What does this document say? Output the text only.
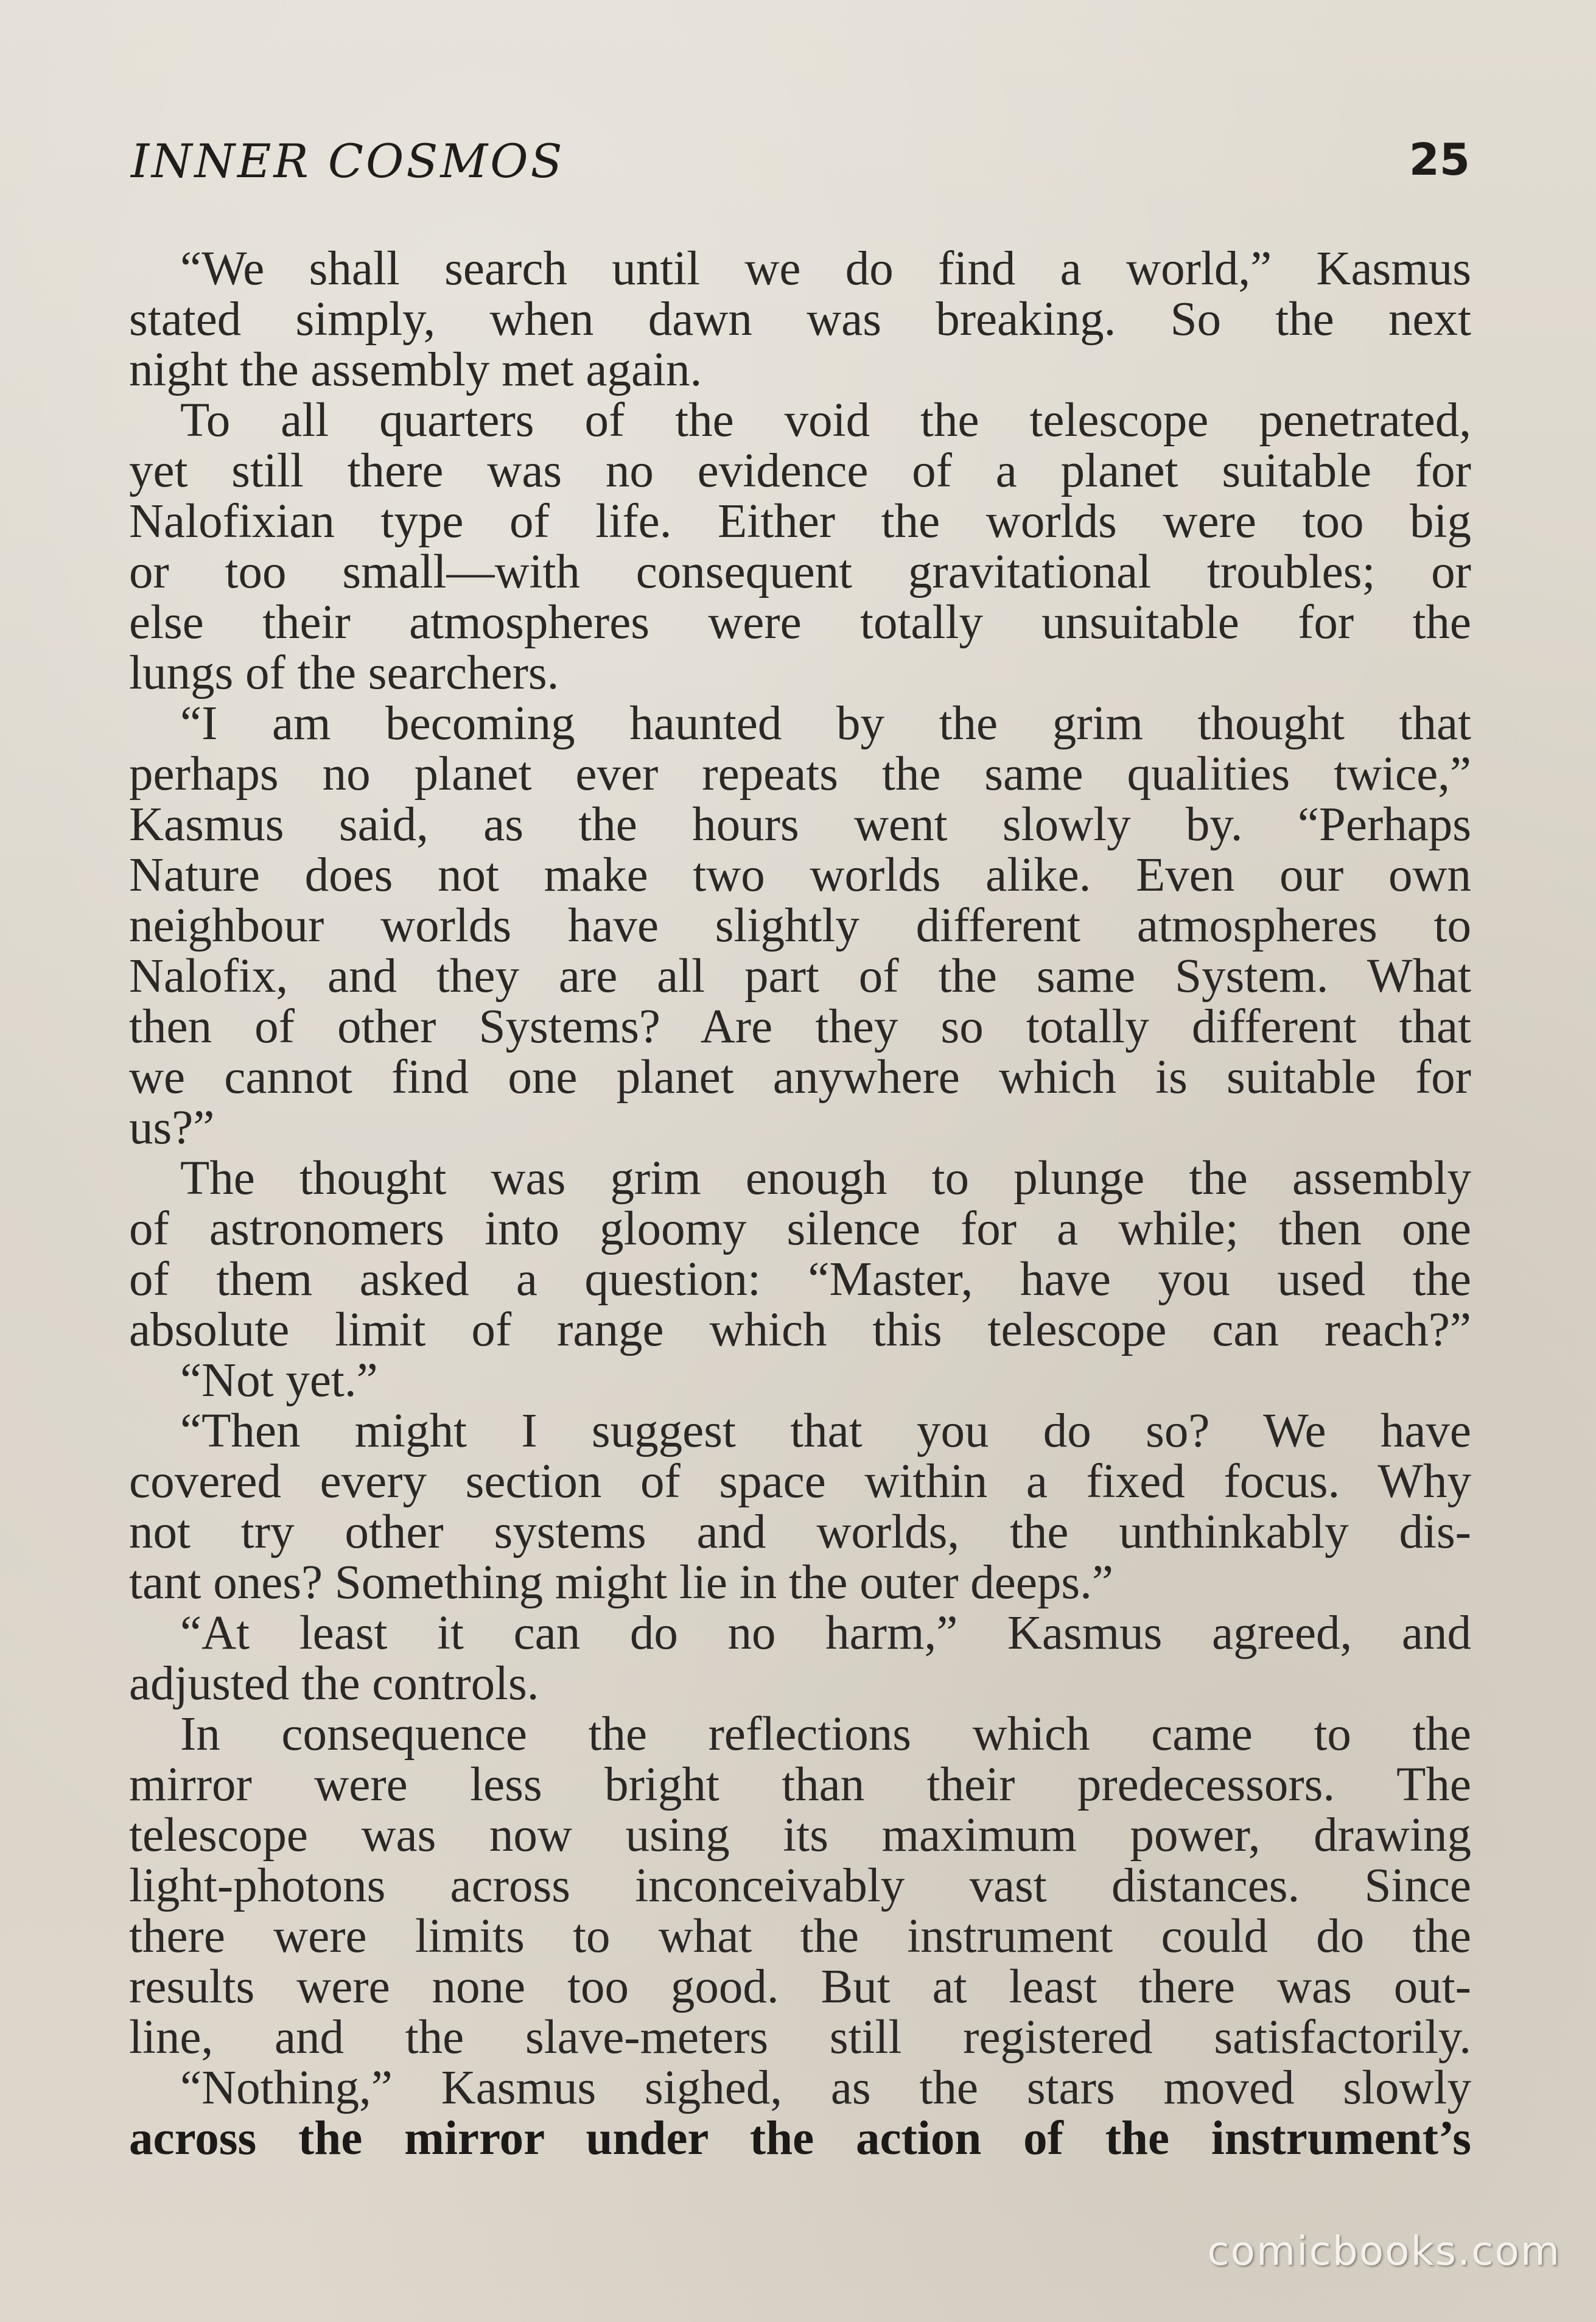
INNER COSMOS	25
“We shall search until we do find a world,” Kasmus
stated simply, when dawn was breaking. So the next
night the assembly met again.
To all quarters of the void the telescope penetrated,
yet still there was no evidence of a planet suitable for
Nalofixian type of life. Either the worlds were too big
or too small—with consequent gravitational troubles; or
else their atmospheres were totally unsuitable for the
lungs of the searchers.
“I am becoming haunted by the grim thought that
perhaps no planet ever repeats the same qualities twice,”
Kasmus said, as the hours went slowly by. “Perhaps
Nature does not make two worlds alike. Even our own
neighbour worlds have slightly different atmospheres to
Nalofix, and they are all part of the same System. What
then of other Systems? Are they so totally different that
we cannot find one planet anywhere which is suitable for
us?”
The thought was grim enough to plunge the assembly
of astronomers into gloomy silence for a while; then one
of them asked a question: “Master, have you used the
absolute limit of range which this telescope can reach?”
“Not yet.”
“Then might I suggest that you do so? We have
covered every section of space within a fixed focus. Why
not try other systems and worlds, the unthinkably dis-
tant ones? Something might lie in the outer deeps.”
“At least it can do no harm,” Kasmus agreed, and
adjusted the controls.
In consequence the reflections which came to the
mirror were less bright than their predecessors. The
telescope was now using its maximum power, drawing
light-photons across inconceivably vast distances. Since
there were limits to what the instrument could do the
results were none too good. But at least there was out-
line, and the slave-meters still registered satisfactorily.
“Nothing,” Kasmus sighed, as the stars moved slowly
across the mirror under the action of the instrument’s
comicbooks.com
